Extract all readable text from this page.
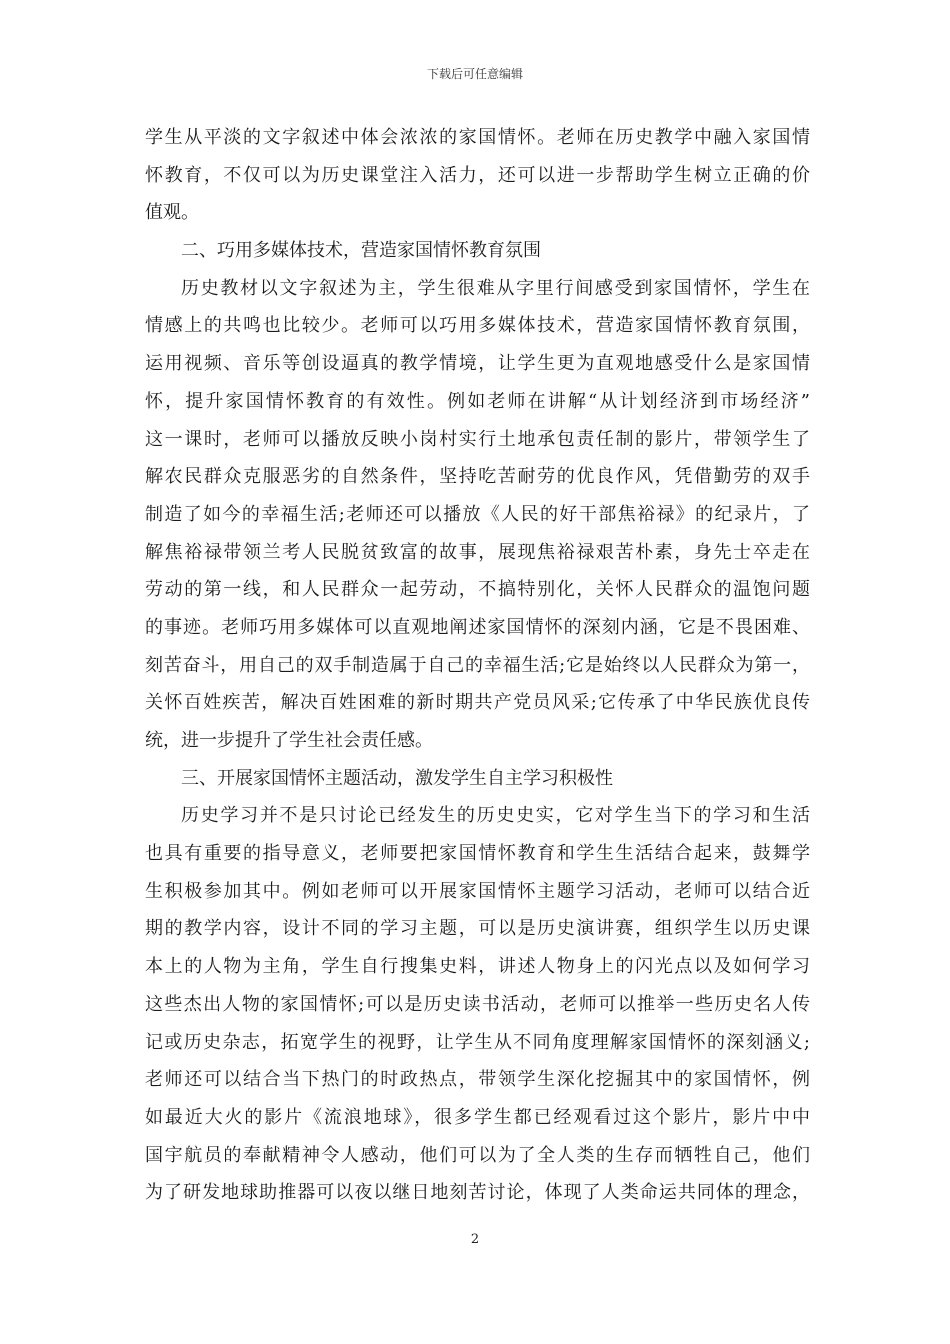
下载后可任意编辑
学生从平淡的文字叙述中体会浓浓的家国情怀。老师在历史教学中融入家国情
怀教育，不仅可以为历史课堂注入活力，还可以进一步帮助学生树立正确的价
值观。
二、巧用多媒体技术，营造家国情怀教育氛围
历史教材以文字叙述为主，学生很难从字里行间感受到家国情怀，学生在
情感上的共鸣也比较少。老师可以巧用多媒体技术，营造家国情怀教育氛围，
运用视频、音乐等创设逼真的教学情境，让学生更为直观地感受什么是家国情
怀，提升家国情怀教育的有效性。例如老师在讲解“从计划经济到市场经济”
这一课时，老师可以播放反映小岗村实行土地承包责任制的影片，带领学生了
解农民群众克服恶劣的自然条件，坚持吃苦耐劳的优良作风，凭借勤劳的双手
制造了如今的幸福生活;老师还可以播放《人民的好干部焦裕禄》的纪录片，了
解焦裕禄带领兰考人民脱贫致富的故事，展现焦裕禄艰苦朴素，身先士卒走在
劳动的第一线，和人民群众一起劳动，不搞特别化，关怀人民群众的温饱问题
的事迹。老师巧用多媒体可以直观地阐述家国情怀的深刻内涵，它是不畏困难、
刻苦奋斗，用自己的双手制造属于自己的幸福生活;它是始终以人民群众为第一，
关怀百姓疾苦，解决百姓困难的新时期共产党员风采;它传承了中华民族优良传
统，进一步提升了学生社会责任感。
三、开展家国情怀主题活动，激发学生自主学习积极性
历史学习并不是只讨论已经发生的历史史实，它对学生当下的学习和生活
也具有重要的指导意义，老师要把家国情怀教育和学生生活结合起来，鼓舞学
生积极参加其中。例如老师可以开展家国情怀主题学习活动，老师可以结合近
期的教学内容，设计不同的学习主题，可以是历史演讲赛，组织学生以历史课
本上的人物为主角，学生自行搜集史料，讲述人物身上的闪光点以及如何学习
这些杰出人物的家国情怀;可以是历史读书活动，老师可以推举一些历史名人传
记或历史杂志，拓宽学生的视野，让学生从不同角度理解家国情怀的深刻涵义;
老师还可以结合当下热门的时政热点，带领学生深化挖掘其中的家国情怀，例
如最近大火的影片《流浪地球》，很多学生都已经观看过这个影片，影片中中
国宇航员的奉献精神令人感动，他们可以为了全人类的生存而牺牲自己，他们
为了研发地球助推器可以夜以继日地刻苦讨论，体现了人类命运共同体的理念，
2
